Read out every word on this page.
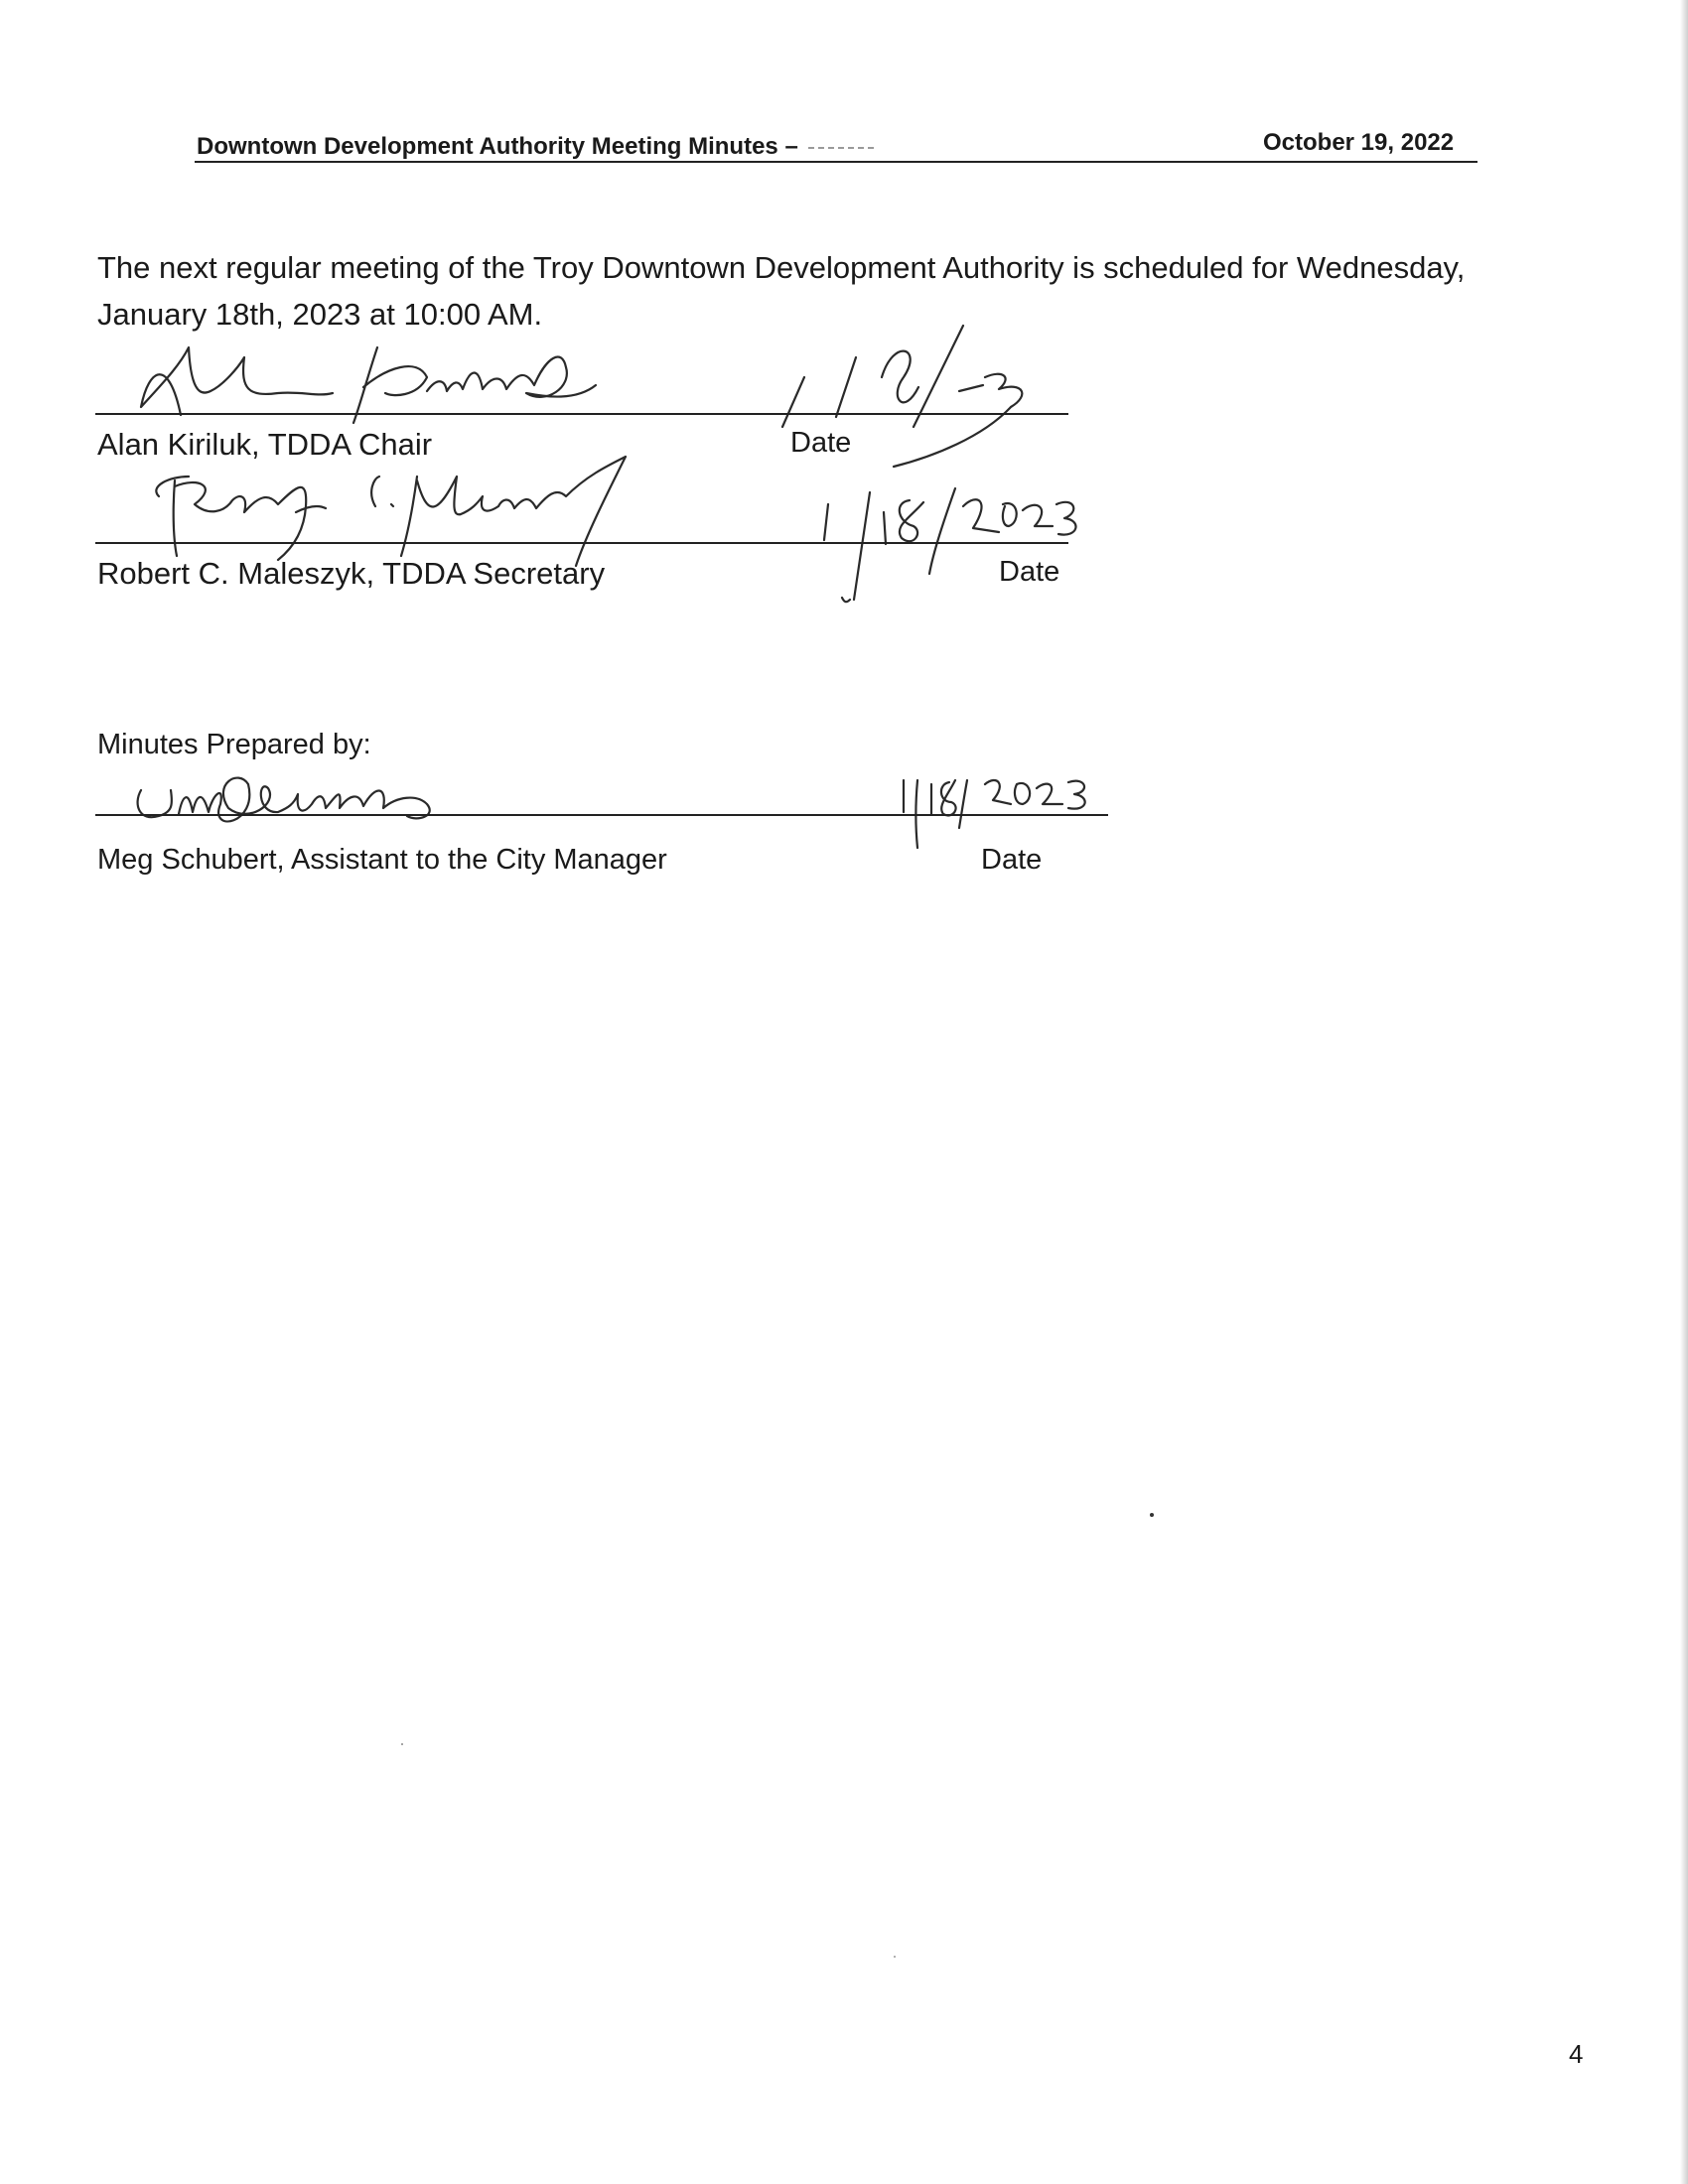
Downtown Development Authority Meeting Minutes –	October 19, 2022
The next regular meeting of the Troy Downtown Development Authority is scheduled for Wednesday,
January 18th, 2023 at 10:00 AM.
Alan Kiriluk, TDDA Chair	Date
Robert C. Maleszyk, TDDA Secretary	Date
Minutes Prepared by:
Meg Schubert, Assistant to the City Manager	Date
4
